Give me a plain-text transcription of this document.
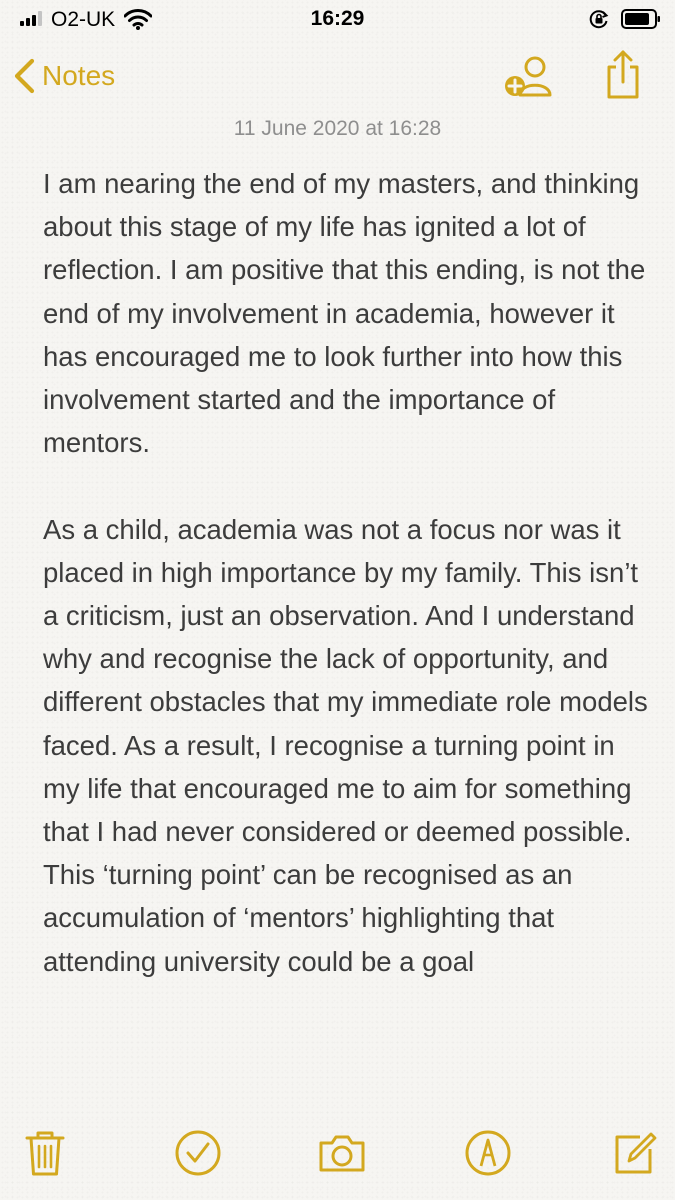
O2-UK	16:29
Notes
11 June 2020 at 16:28
I am nearing the end of my masters, and thinking about this stage of my life has ignited a lot of reflection. I am positive that this ending, is not the end of my involvement in academia, however it has encouraged me to look further into how this involvement started and the importance of mentors.

As a child, academia was not a focus nor was it placed in high importance by my family. This isn’t a criticism, just an observation. And I understand why and recognise the lack of opportunity, and different obstacles that my immediate role models faced. As a result, I recognise a turning point in my life that encouraged me to aim for something that I had never considered or deemed possible. This ‘turning point’ can be recognised as an accumulation of ‘mentors’ highlighting that attending university could be a goal
